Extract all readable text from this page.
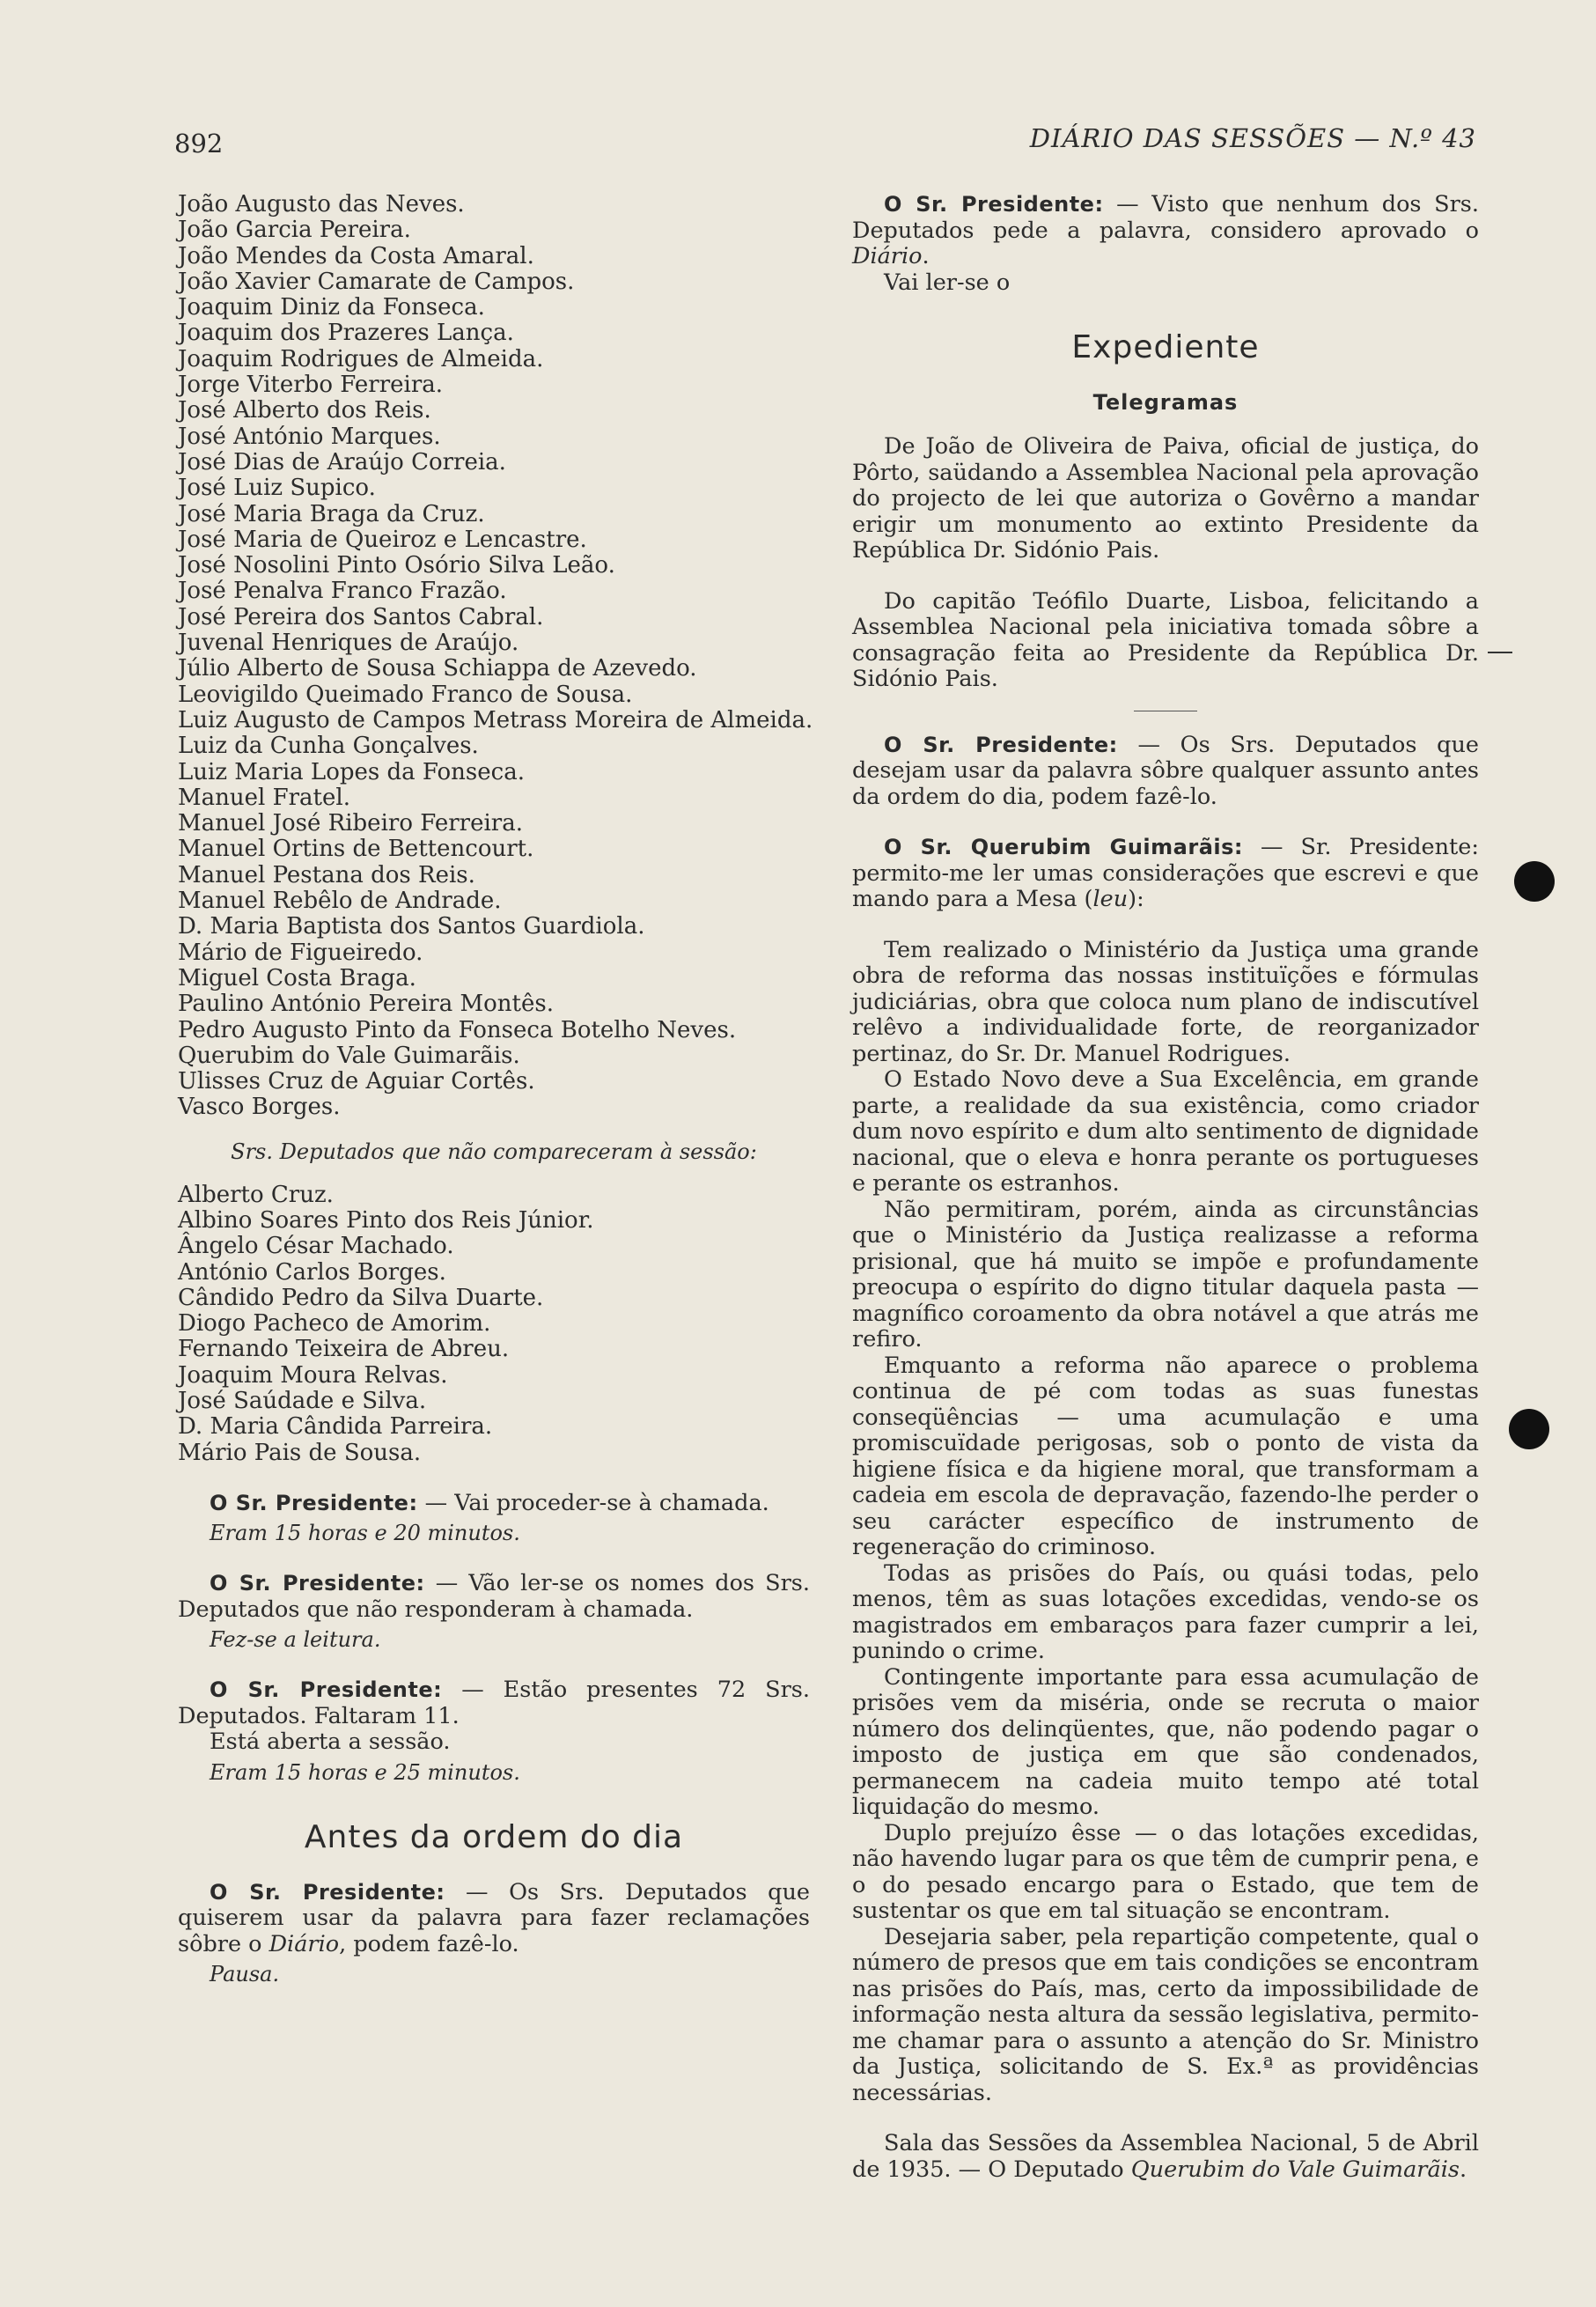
892	DIÁRIO DAS SESSÕES — N.º 43
João Augusto das Neves.
João Garcia Pereira.
João Mendes da Costa Amaral.
João Xavier Camarate de Campos.
Joaquim Diniz da Fonseca.
Joaquim dos Prazeres Lança.
Joaquim Rodrigues de Almeida.
Jorge Viterbo Ferreira.
José Alberto dos Reis.
José António Marques.
José Dias de Araújo Correia.
José Luiz Supico.
José Maria Braga da Cruz.
José Maria de Queiroz e Lencastre.
José Nosolini Pinto Osório Silva Leão.
José Penalva Franco Frazão.
José Pereira dos Santos Cabral.
Juvenal Henriques de Araújo.
Júlio Alberto de Sousa Schiappa de Azevedo.
Leovigildo Queimado Franco de Sousa.
Luiz Augusto de Campos Metrass Moreira de Almeida.
Luiz da Cunha Gonçalves.
Luiz Maria Lopes da Fonseca.
Manuel Fratel.
Manuel José Ribeiro Ferreira.
Manuel Ortins de Bettencourt.
Manuel Pestana dos Reis.
Manuel Rebêlo de Andrade.
D. Maria Baptista dos Santos Guardiola.
Mário de Figueiredo.
Miguel Costa Braga.
Paulino António Pereira Montês.
Pedro Augusto Pinto da Fonseca Botelho Neves.
Querubim do Vale Guimarãis.
Ulisses Cruz de Aguiar Cortês.
Vasco Borges.
Srs. Deputados que não compareceram à sessão:
Alberto Cruz.
Albino Soares Pinto dos Reis Júnior.
Ângelo César Machado.
António Carlos Borges.
Cândido Pedro da Silva Duarte.
Diogo Pacheco de Amorim.
Fernando Teixeira de Abreu.
Joaquim Moura Relvas.
José Saúdade e Silva.
D. Maria Cândida Parreira.
Mário Pais de Sousa.

O Sr. Presidente: — Vai proceder-se à chamada.

Eram 15 horas e 20 minutos.

O Sr. Presidente: — Vão ler-se os nomes dos Srs. Deputados que não responderam à chamada.

Fez-se a leitura.

O Sr. Presidente: — Estão presentes 72 Srs. Deputados. Faltaram 11.

Está aberta a sessão.

Eram 15 horas e 25 minutos.
Antes da ordem do dia

O Sr. Presidente: — Os Srs. Deputados que quiserem usar da palavra para fazer reclamações sôbre o Diário, podem fazê-lo.

Pausa.

O Sr. Presidente: — Visto que nenhum dos Srs. Deputados pede a palavra, considero aprovado o Diário.

Vai ler-se o

Expediente
Telegramas

De João de Oliveira de Paiva, oficial de justiça, do Pôrto, saüdando a Assemblea Nacional pela aprovação do projecto de lei que autoriza o Govêrno a mandar erigir um monumento ao extinto Presidente da República Dr. Sidónio Pais.

Do capitão Teófilo Duarte, Lisboa, felicitando a Assemblea Nacional pela iniciativa tomada sôbre a consagração feita ao Presidente da República Dr. Sidónio Pais.

O Sr. Presidente: — Os Srs. Deputados que desejam usar da palavra sôbre qualquer assunto antes da ordem do dia, podem fazê-lo.

O Sr. Querubim Guimarãis: — Sr. Presidente: permito-me ler umas considerações que escrevi e que mando para a Mesa (leu):

Tem realizado o Ministério da Justiça uma grande obra de reforma das nossas instituïções e fórmulas judiciárias, obra que coloca num plano de indiscutível relêvo a individualidade forte, de reorganizador pertinaz, do Sr. Dr. Manuel Rodrigues.

O Estado Novo deve a Sua Excelência, em grande parte, a realidade da sua existência, como criador dum novo espírito e dum alto sentimento de dignidade nacional, que o eleva e honra perante os portugueses e perante os estranhos.

Não permitiram, porém, ainda as circunstâncias que o Ministério da Justiça realizasse a reforma prisional, que há muito se impõe e profundamente preocupa o espírito do digno titular daquela pasta — magnífico coroamento da obra notável a que atrás me refiro.

Emquanto a reforma não aparece o problema continua de pé com todas as suas funestas conseqüências — uma acumulação e uma promiscuïdade perigosas, sob o ponto de vista da higiene física e da higiene moral, que transformam a cadeia em escola de depravação, fazendo-lhe perder o seu carácter específico de instrumento de regeneração do criminoso.

Todas as prisões do País, ou quási todas, pelo menos, têm as suas lotações excedidas, vendo-se os magistrados em embaraços para fazer cumprir a lei, punindo o crime.

Contingente importante para essa acumulação de prisões vem da miséria, onde se recruta o maior número dos delinqüentes, que, não podendo pagar o imposto de justiça em que são condenados, permanecem na cadeia muito tempo até total liquidação do mesmo.

Duplo prejuízo êsse — o das lotações excedidas, não havendo lugar para os que têm de cumprir pena, e o do pesado encargo para o Estado, que tem de sustentar os que em tal situação se encontram.

Desejaria saber, pela repartição competente, qual o número de presos que em tais condições se encontram nas prisões do País, mas, certo da impossibilidade de informação nesta altura da sessão legislativa, permito-me chamar para o assunto a atenção do Sr. Ministro da Justiça, solicitando de S. Ex.ª as providências necessárias.

Sala das Sessões da Assemblea Nacional, 5 de Abril de 1935. — O Deputado Querubim do Vale Guimarãis.
